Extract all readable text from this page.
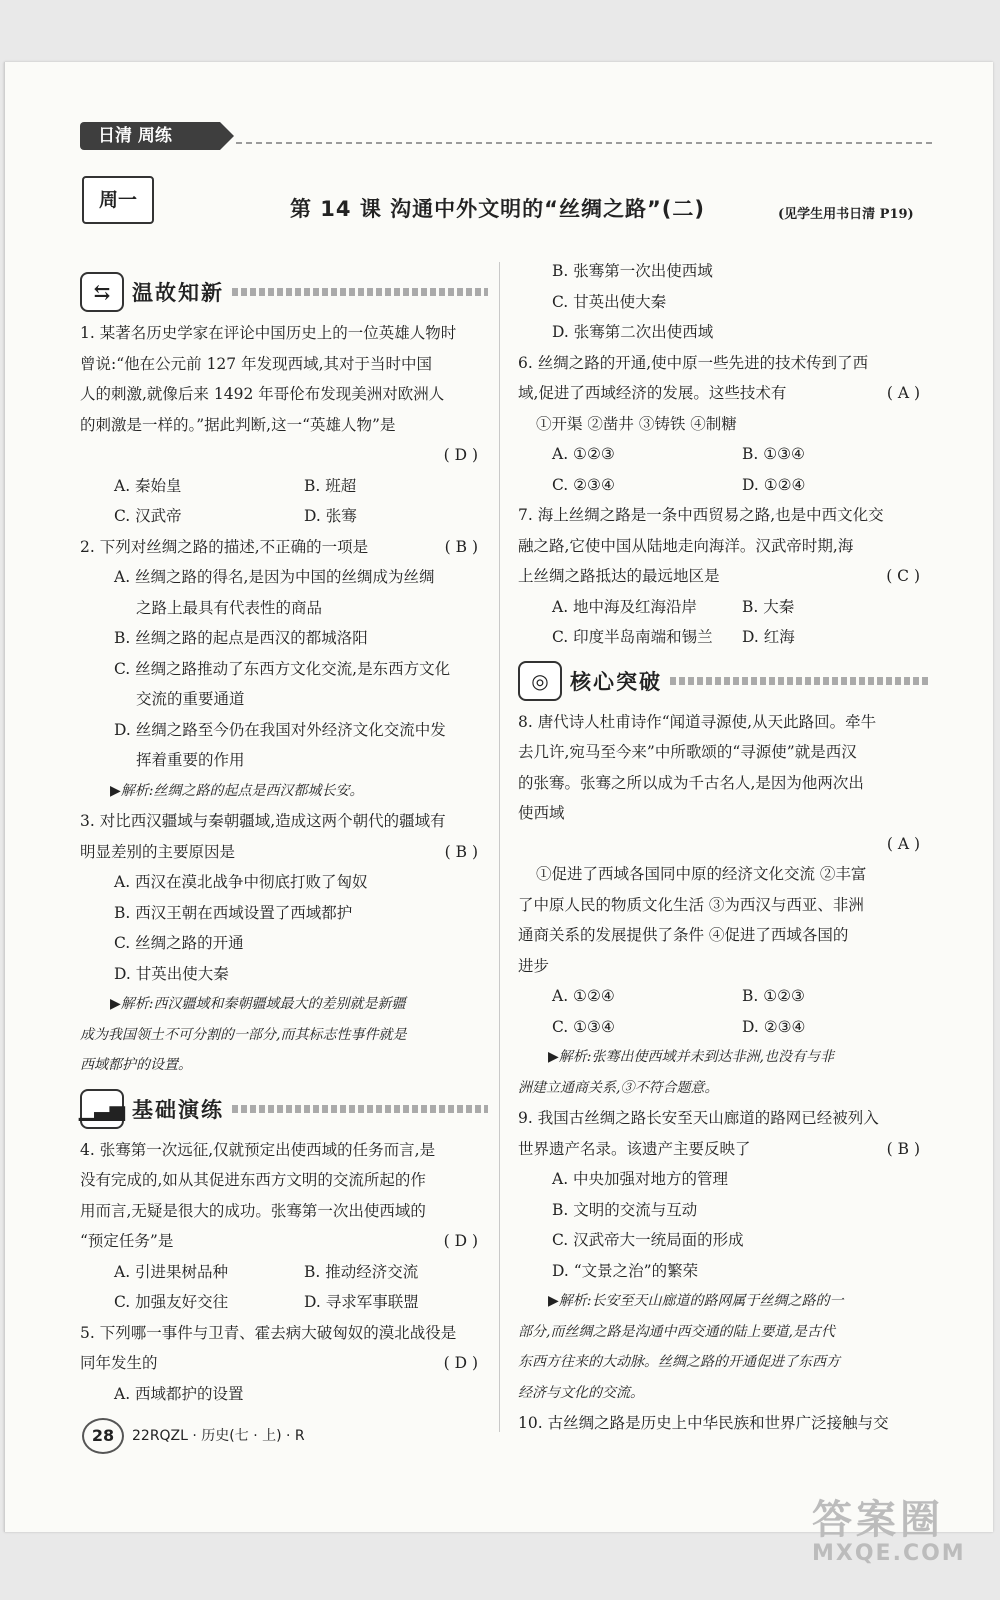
日清 周练
周一	第 14 课 沟通中外文明的“丝绸之路”(二)	(见学生用书日清 P19)
⇆	温故知新

1. 某著名历史学家在评论中国历史上的一位英雄人物时

曾说:“他在公元前 127 年发现西域,其对于当时中国

人的刺激,就像后来 1492 年哥伦布发现美洲对欧洲人

的刺激是一样的。”据此判断,这一“英雄人物”是

( D )

A. 秦始皇	B. 班超

C. 汉武帝	D. 张骞

2. 下列对丝绸之路的描述,不正确的一项是	( B )

A. 丝绸之路的得名,是因为中国的丝绸成为丝绸

之路上最具有代表性的商品

B. 丝绸之路的起点是西汉的都城洛阳

C. 丝绸之路推动了东西方文化交流,是东西方文化

交流的重要通道

D. 丝绸之路至今仍在我国对外经济文化交流中发

挥着重要的作用

▶解析:丝绸之路的起点是西汉都城长安。

3. 对比西汉疆域与秦朝疆域,造成这两个朝代的疆域有

明显差别的主要原因是	( B )

A. 西汉在漠北战争中彻底打败了匈奴

B. 西汉王朝在西域设置了西域都护

C. 丝绸之路的开通

D. 甘英出使大秦

▶解析:西汉疆域和秦朝疆域最大的差别就是新疆

成为我国领土不可分割的一部分,而其标志性事件就是

西域都护的设置。

▁▃▅ 基础演练

4. 张骞第一次远征,仅就预定出使西域的任务而言,是

没有完成的,如从其促进东西方文明的交流所起的作

用而言,无疑是很大的成功。张骞第一次出使西域的

“预定任务”是	( D )

A. 引进果树品种	B. 推动经济交流

C. 加强友好交往	D. 寻求军事联盟

5. 下列哪一事件与卫青、霍去病大破匈奴的漠北战役是

同年发生的	( D )

A. 西域都护的设置

B. 张骞第一次出使西域

C. 甘英出使大秦

D. 张骞第二次出使西域

6. 丝绸之路的开通,使中原一些先进的技术传到了西

域,促进了西域经济的发展。这些技术有	( A )

①开渠 ②凿井 ③铸铁 ④制糖

A. ①②③	B. ①③④

C. ②③④	D. ①②④

7. 海上丝绸之路是一条中西贸易之路,也是中西文化交

融之路,它使中国从陆地走向海洋。汉武帝时期,海

上丝绸之路抵达的最远地区是	( C )

A. 地中海及红海沿岸	B. 大秦

C. 印度半岛南端和锡兰	D. 红海

◎	核心突破

8. 唐代诗人杜甫诗作“闻道寻源使,从天此路回。牵牛

去几许,宛马至今来”中所歌颂的“寻源使”就是西汉

的张骞。张骞之所以成为千古名人,是因为他两次出

使西域

( A )

①促进了西域各国同中原的经济文化交流 ②丰富

了中原人民的物质文化生活 ③为西汉与西亚、非洲

通商关系的发展提供了条件 ④促进了西域各国的

进步

A. ①②④	B. ①②③

C. ①③④	D. ②③④

▶解析:张骞出使西域并未到达非洲,也没有与非

洲建立通商关系,③不符合题意。

9. 我国古丝绸之路长安至天山廊道的路网已经被列入

世界遗产名录。该遗产主要反映了	( B )

A. 中央加强对地方的管理

B. 文明的交流与互动

C. 汉武帝大一统局面的形成

D. “文景之治”的繁荣

▶解析:长安至天山廊道的路网属于丝绸之路的一

部分,而丝绸之路是沟通中西交通的陆上要道,是古代

东西方往来的大动脉。丝绸之路的开通促进了东西方

经济与文化的交流。

10. 古丝绸之路是历史上中华民族和世界广泛接触与交

28	22RQZL · 历史(七 · 上) · R
答案圈
MXQE.COM
